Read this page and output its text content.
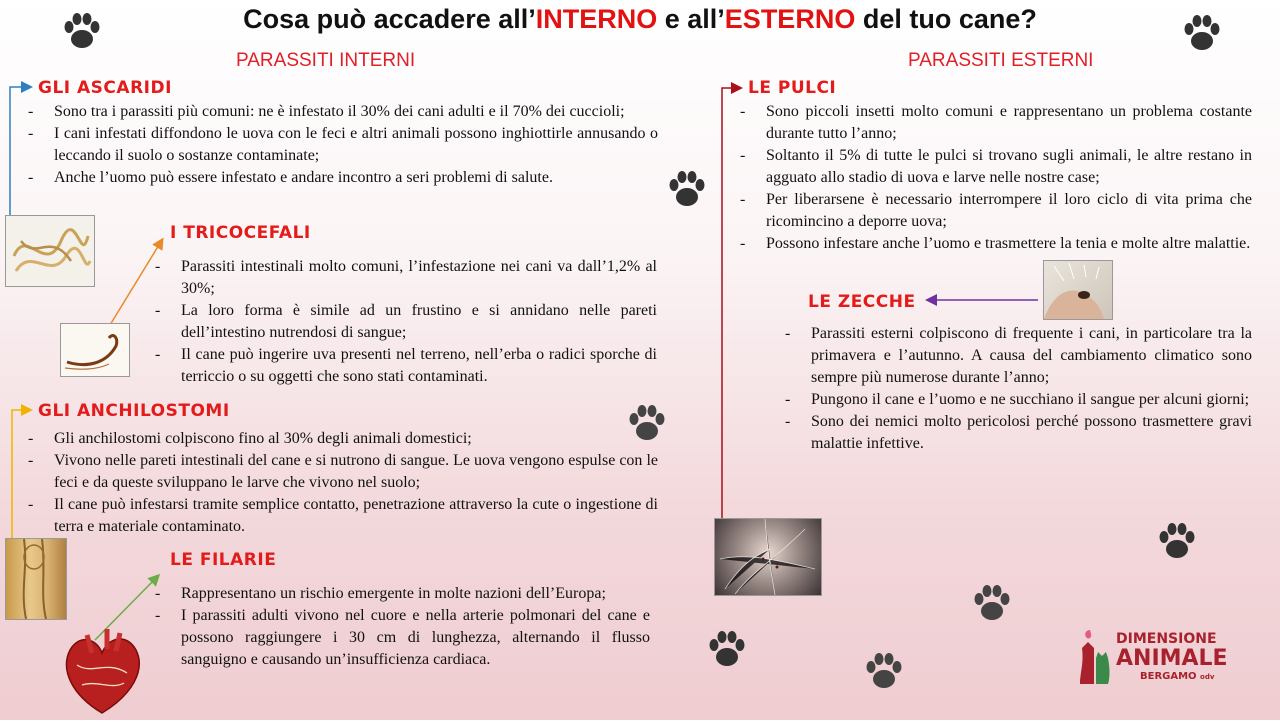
Cosa può accadere all’INTERNO e all’ESTERNO del tuo cane?
PARASSITI INTERNI	PARASSITI ESTERNI
GLI ASCARIDI
- Sono tra i parassiti più comuni: ne è infestato il 30% dei cani adulti e il 70% dei cuccioli;
- I cani infestati diffondono le uova con le feci e altri animali possono inghiottirle annusando o leccando il suolo o sostanze contaminate;
- Anche l’uomo può essere infestato e andare incontro a seri problemi di salute.
I TRICOCEFALI
- Parassiti intestinali molto comuni, l’infestazione nei cani va dall’1,2% al 30%;
- La loro forma è simile ad un frustino e si annidano nelle pareti dell’intestino nutrendosi di sangue;
- Il cane può ingerire uva presenti nel terreno, nell’erba o radici sporche di terriccio o su oggetti che sono stati contaminati.
GLI ANCHILOSTOMI
- Gli anchilostomi colpiscono fino al 30% degli animali domestici;
- Vivono nelle pareti intestinali del cane e si nutrono di sangue. Le uova vengono espulse con le feci e da queste sviluppano le larve che vivono nel suolo;
- Il cane può infestarsi tramite semplice contatto, penetrazione attraverso la cute o ingestione di terra e materiale contaminato.
LE FILARIE
- Rappresentano un rischio emergente in molte nazioni dell’Europa;
- I parassiti adulti vivono nel cuore e nella arterie polmonari del cane e possono raggiungere i 30 cm di lunghezza, alternando il flusso sanguigno e causando un’insufficienza cardiaca.
LE PULCI
- Sono piccoli insetti molto comuni e rappresentano un problema costante durante tutto l’anno;
- Soltanto il 5% di tutte le pulci si trovano sugli animali, le altre restano in agguato allo stadio di uova e larve nelle nostre case;
- Per liberarsene è necessario interrompere il loro ciclo di vita prima che ricomincino a deporre uova;
- Possono infestare anche l’uomo e trasmettere la tenia e molte altre malattie.
LE ZECCHE
- Parassiti esterni colpiscono di frequente i cani, in particolare tra la primavera e l’autunno. A causa del cambiamento climatico sono sempre più numerose durante l’anno;
- Pungono il cane e l’uomo e ne succhiano il sangue per alcuni giorni;
- Sono dei nemici molto pericolosi perché possono trasmettere gravi malattie infettive.
DIMENSIONE
ANIMALE
BERGAMO odv
